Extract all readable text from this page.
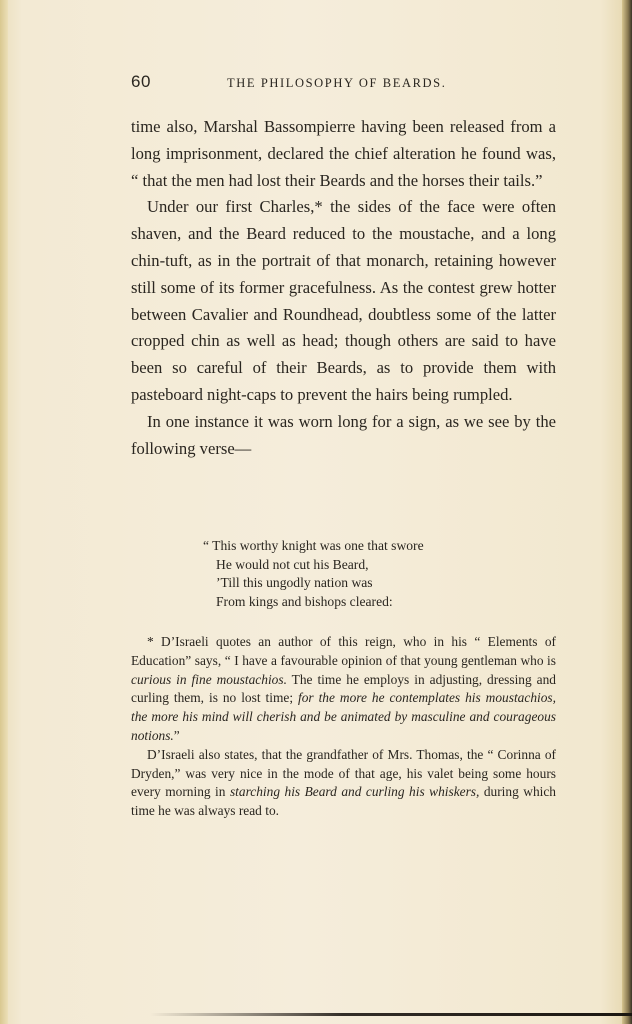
60	THE PHILOSOPHY OF BEARDS.

time also, Marshal Bassompierre having been released from a long imprisonment, declared the chief alteration he found was, “ that the men had lost their Beards and the horses their tails.”

Under our first Charles,* the sides of the face were often shaven, and the Beard reduced to the moustache, and a long chin-tuft, as in the portrait of that monarch, retaining however still some of its former gracefulness. As the contest grew hotter between Cavalier and Roundhead, doubtless some of the latter cropped chin as well as head; though others are said to have been so careful of their Beards, as to provide them with pasteboard night-caps to prevent the hairs being rumpled.

In one instance it was worn long for a sign, as we see by the following verse—

“ This worthy knight was one that swore
He would not cut his Beard,
’Till this ungodly nation was
From kings and bishops cleared:

* D’Israeli quotes an author of this reign, who in his “ Elements of Education” says, “ I have a favourable opinion of that young gentleman who is curious in fine moustachios. The time he employs in adjusting, dressing and curling them, is no lost time; for the more he contemplates his moustachios, the more his mind will cherish and be animated by masculine and courageous notions.”

D’Israeli also states, that the grandfather of Mrs. Thomas, the “ Corinna of Dryden,” was very nice in the mode of that age, his valet being some hours every morning in starching his Beard and curling his whiskers, during which time he was always read to.
